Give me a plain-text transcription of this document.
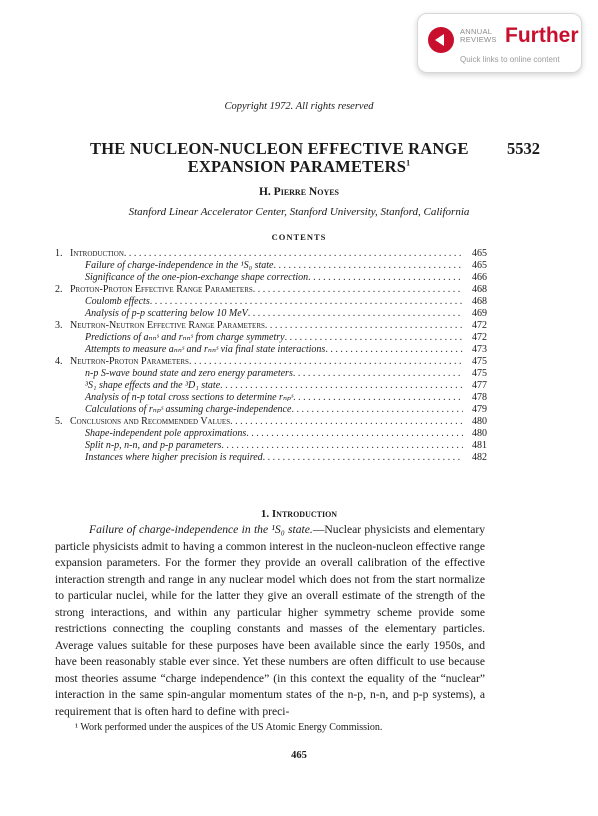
ANNUAL
REVIEWS Further
Quick links to online content
Copyright 1972. All rights reserved
THE NUCLEON-NUCLEON EFFECTIVE RANGE 5532
EXPANSION PARAMETERS$^1$
H. Pierre Noyes
Stanford Linear Accelerator Center, Stanford University, Stanford, California
CONTENTS
1. Introduction . . .	465
Failure of charge-independence in the ¹S₀ state . . .	465
Significance of the one-pion-exchange shape correction . . .	466
2. Proton-Proton Effective Range Parameters . . .	468
Coulomb effects . . .	468
Analysis of p-p scattering below 10 MeV . . .	469
3. Neutron-Neutron Effective Range Parameters . . .	472
Predictions of aₙₙˢ and rₙₙˢ from charge symmetry . . .	472
Attempts to measure aₙₙˢ and rₙₙˢ via final state interactions . . .	473
4. Neutron-Proton Parameters . . .	475
n-p S-wave bound state and zero energy parameters . . .	475
³S₁ shape effects and the ³D₁ state . . .	477
Analysis of n-p total cross sections to determine rₙₚˢ . . .	478
Calculations of rₙₚˢ assuming charge-independence . . .	479
5. Conclusions and Recommended Values . . .	480
Shape-independent pole approximations . . .	480
Split n-p, n-n, and p-p parameters . . .	481
Instances where higher precision is required . . .	482
1. Introduction
Failure of charge-independence in the ¹S₀ state.—Nuclear physicists and elementary particle physicists admit to having a common interest in the nucleon-nucleon effective range expansion parameters. For the former they provide an overall calibration of the effective interaction strength and range in any nuclear model which does not from the start normalize to particular nuclei, while for the latter they give an overall estimate of the strength of the strong interactions, and within any particular higher symmetry scheme provide some restrictions connecting the coupling constants and masses of the elementary particles. Average values suitable for these purposes have been available since the early 1950s, and have been reasonably stable ever since. Yet these numbers are often difficult to use because most theories assume “charge independence” (in this context the equality of the “nuclear” interaction in the same spin-angular momentum states of the n-p, n-n, and p-p systems), a requirement that is often hard to define with preci-
¹ Work performed under the auspices of the US Atomic Energy Commission.
465
